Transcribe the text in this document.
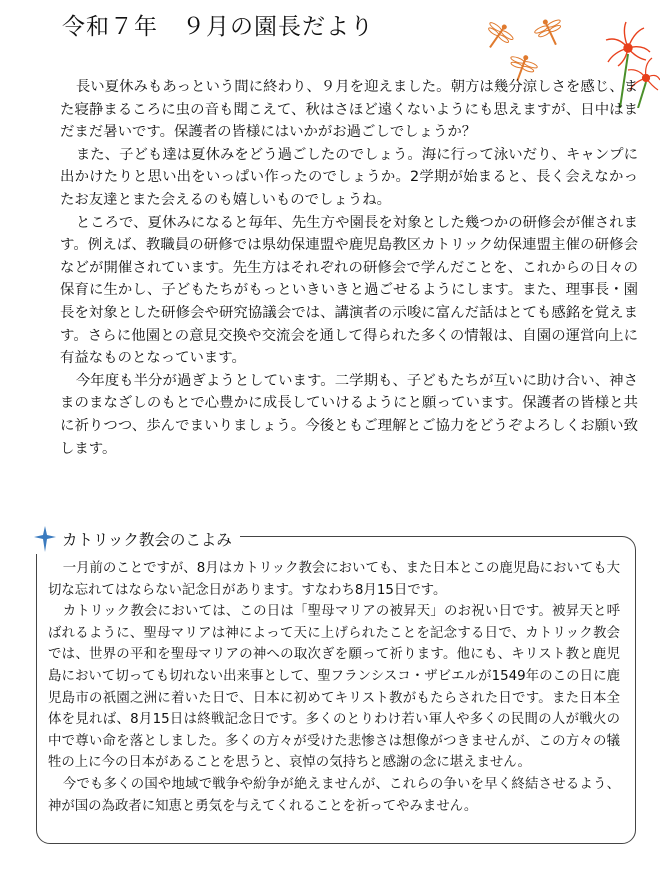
令和７年　９月の園長だより

長い夏休みもあっという間に終わり、９月を迎えました。朝方は幾分涼しさを感じ、また寝静まるころに虫の音も聞こえて、秋はさほど遠くないようにも思えますが、日中はまだまだ暑いです。保護者の皆様にはいかがお過ごしでしょうか？

また、子ども達は夏休みをどう過ごしたのでしょう。海に行って泳いだり、キャンプに出かけたりと思い出をいっぱい作ったのでしょうか。2学期が始まると、長く会えなかったお友達とまた会えるのも嬉しいものでしょうね。

ところで、夏休みになると毎年、先生方や園長を対象とした幾つかの研修会が催されます。例えば、教職員の研修では県幼保連盟や鹿児島教区カトリック幼保連盟主催の研修会などが開催されています。先生方はそれぞれの研修会で学んだことを、これからの日々の保育に生かし、子どもたちがもっといきいきと過ごせるようにします。また、理事長・園長を対象とした研修会や研究協議会では、講演者の示唆に富んだ話はとても感銘を覚えます。さらに他園との意見交換や交流会を通して得られた多くの情報は、自園の運営向上に有益なものとなっています。

今年度も半分が過ぎようとしています。二学期も、子どもたちが互いに助け合い、神さまのまなざしのもとで心豊かに成長していけるようにと願っています。保護者の皆様と共に祈りつつ、歩んでまいりましょう。今後ともご理解とご協力をどうぞよろしくお願い致します。

カトリック教会のこよみ

一月前のことですが、8月はカトリック教会においても、また日本とこの鹿児島においても大切な忘れてはならない記念日があります。すなわち8月15日です。

カトリック教会においては、この日は「聖母マリアの被昇天」のお祝い日です。被昇天と呼ばれるように、聖母マリアは神によって天に上げられたことを記念する日で、カトリック教会では、世界の平和を聖母マリアの神への取次ぎを願って祈ります。他にも、キリスト教と鹿児島において切っても切れない出来事として、聖フランシスコ・ザビエルが1549年のこの日に鹿児島市の祇園之洲に着いた日で、日本に初めてキリスト教がもたらされた日です。また日本全体を見れば、8月15日は終戦記念日です。多くのとりわけ若い軍人や多くの民間の人が戦火の中で尊い命を落としました。多くの方々が受けた悲惨さは想像がつきませんが、この方々の犠牲の上に今の日本があることを思うと、哀悼の気持ちと感謝の念に堪えません。

今でも多くの国や地域で戦争や紛争が絶えませんが、これらの争いを早く終結させるよう、神が国の為政者に知恵と勇気を与えてくれることを祈ってやみません。
